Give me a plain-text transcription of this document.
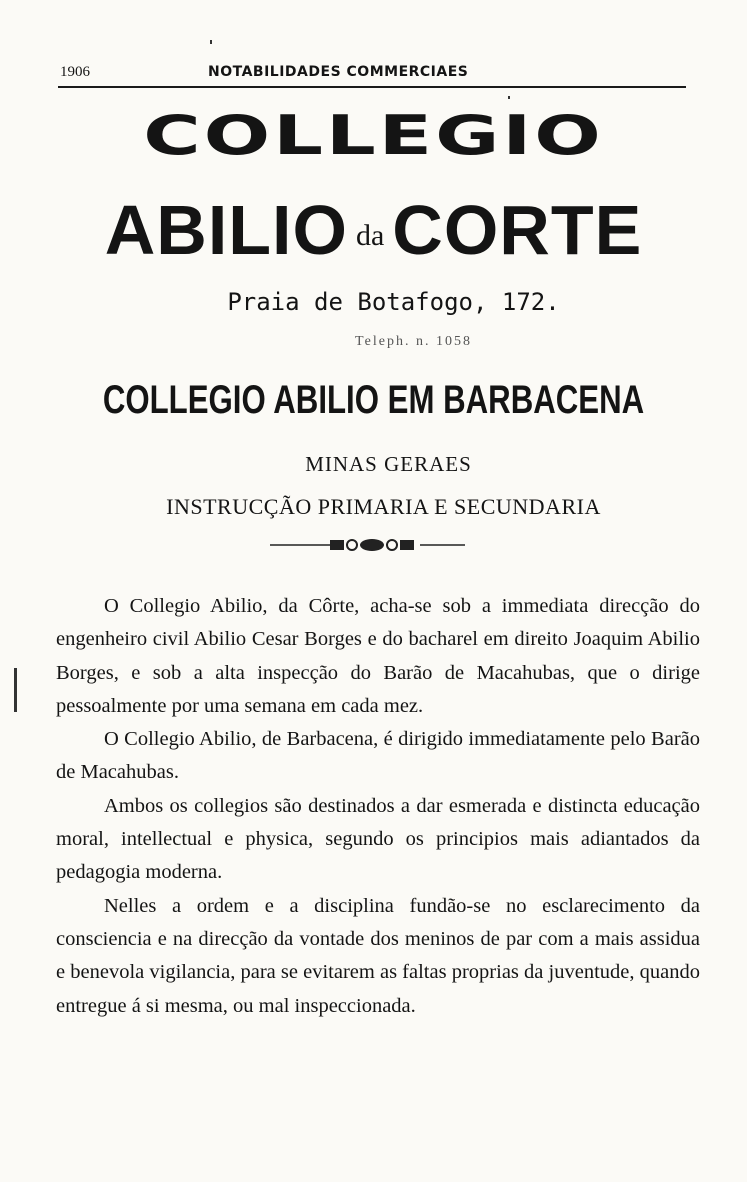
1906	NOTABILIDADES COMMERCIAES
COLLEGIO
ABILIO da CORTE
Praia de Botafogo, 172.
Teleph. n. 1058
COLLEGIO ABILIO EM BARBACENA
MINAS GERAES
INSTRUCÇÃO PRIMARIA E SECUNDARIA

O Collegio Abilio, da Côrte, acha-se sob a immediata direcção do engenheiro civil Abilio Cesar Borges e do bacharel em direito Joaquim Abilio Borges, e sob a alta inspecção do Barão de Macahubas, que o dirige pessoalmente por uma semana em cada mez.

O Collegio Abilio, de Barbacena, é dirigido immediatamente pelo Barão de Macahubas.

Ambos os collegios são destinados a dar esmerada e distincta educação moral, intellectual e physica, segundo os principios mais adiantados da pedagogia moderna.

Nelles a ordem e a disciplina fundão-se no esclarecimento da consciencia e na direcção da vontade dos meninos de par com a mais assidua e benevola vigilancia, para se evitarem as faltas proprias da juventude, quando entregue á si mesma, ou mal inspeccionada.
